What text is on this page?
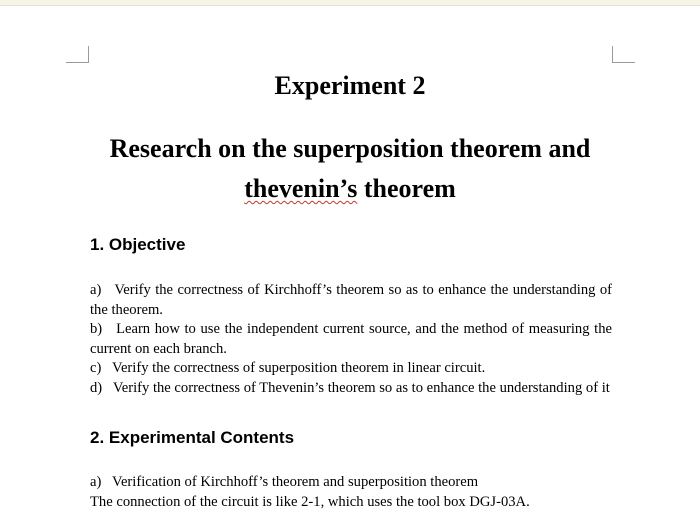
Experiment 2
Research on the superposition theorem and
thevenin’s theorem
1. Objective

a)   Verify the correctness of Kirchhoff’s theorem so as to enhance the understanding of the theorem.

b)   Learn how to use the independent current source, and the method of measuring the current on each branch.

c)   Verify the correctness of superposition theorem in linear circuit.

d)   Verify the correctness of Thevenin’s theorem so as to enhance the understanding of it

2. Experimental Contents

a)   Verification of Kirchhoff’s theorem and superposition theorem

The connection of the circuit is like 2-1, which uses the tool box DGJ-03A.
